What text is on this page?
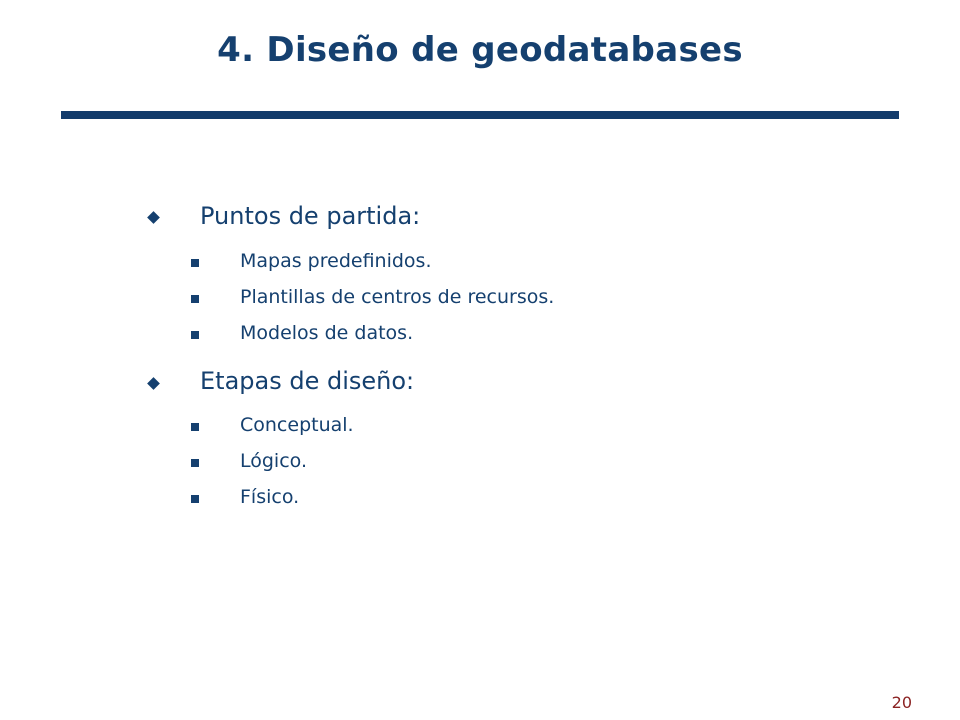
4. Diseño de geodatabases
Puntos de partida:
Mapas predefinidos.
Plantillas de centros de recursos.
Modelos de datos.
Etapas de diseño:
Conceptual.
Lógico.
Físico.
20
